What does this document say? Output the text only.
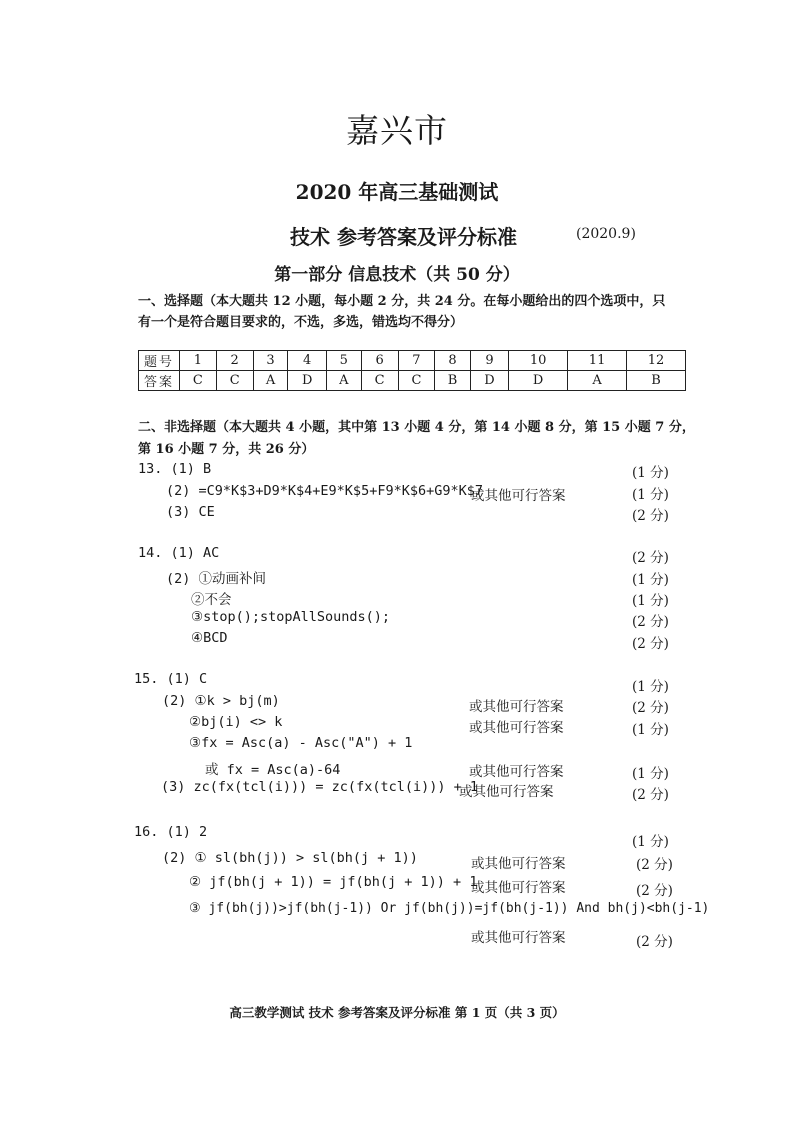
嘉兴市
2020 年高三基础测试
技术 参考答案及评分标准	(2020.9)
第一部分 信息技术（共 50 分）
一、选择题（本大题共 12 小题，每小题 2 分，共 24 分。在每小题给出的四个选项中，只
有一个是符合题目要求的，不选，多选，错选均不得分）
题号	1	2	3	4	5	6	7	8	9	10	11	12
答案	C	C	A	D	A	C	C	B	D	D	A	B
二、非选择题（本大题共 4 小题，其中第 13 小题 4 分，第 14 小题 8 分，第 15 小题 7 分，
第 16 小题 7 分，共 26 分）
13. (1) B	(1 分)
(2) =C9*K$3+D9*K$4+E9*K$5+F9*K$6+G9*K$7
或其他可行答案	(1 分)
(3) CE	(2 分)
14. (1) AC	(2 分)
(2) ①动画补间	(1 分)
②不会	(1 分)
③stop();stopAllSounds();	(2 分)
④BCD	(2 分)
15. (1) C	(1 分)
(2) ①k > bj(m)	或其他可行答案	(2 分)
②bj(i) <> k	或其他可行答案	(1 分)
③fx = Asc(a) - Asc("A") + 1
或 fx = Asc(a)-64	或其他可行答案	(1 分)
(3) zc(fx(tcl(i))) = zc(fx(tcl(i))) + 1
或其他可行答案	(2 分)
16. (1) 2
(1 分)
(2) ① sl(bh(j)) > sl(bh(j + 1))	或其他可行答案	(2 分)
② jf(bh(j + 1)) = jf(bh(j + 1)) + 1
或其他可行答案	(2 分)
③ jf(bh(j))>jf(bh(j-1)) Or jf(bh(j))=jf(bh(j-1)) And bh(j)<bh(j-1)
或其他可行答案	(2 分)
高三教学测试 技术 参考答案及评分标准 第 1 页（共 3 页）
